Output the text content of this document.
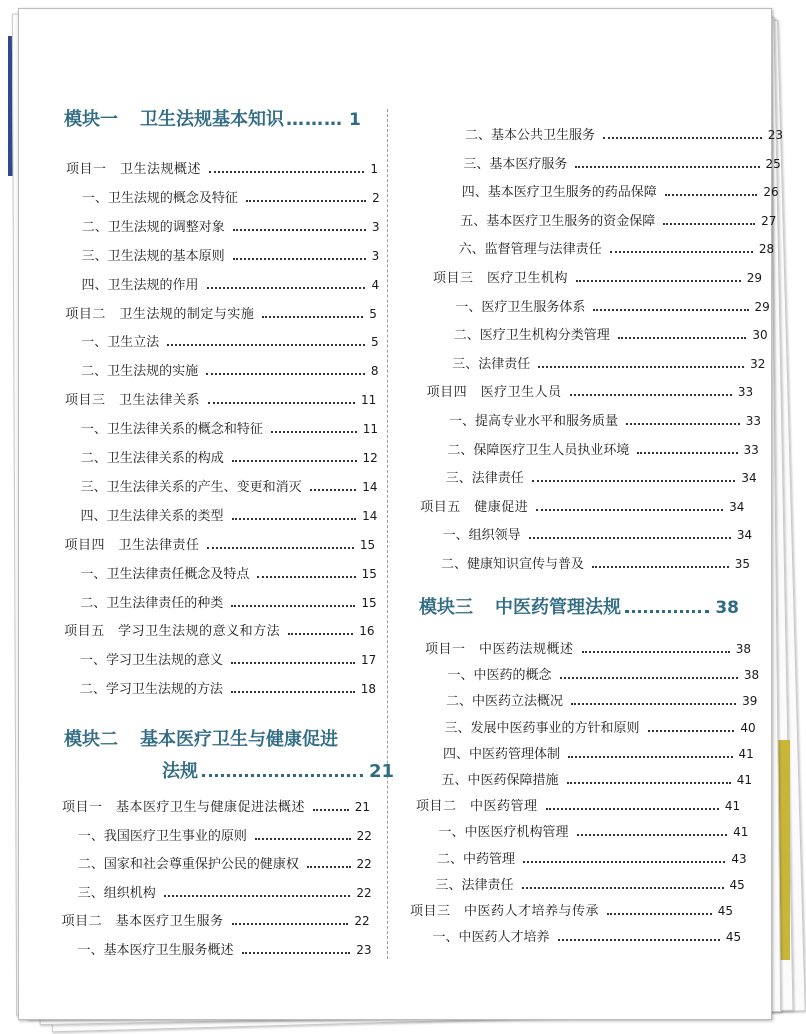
模块一 卫生法规基本知识 ……… 1
项目一　卫生法规概述	1
一、卫生法规的概念及特征	2
二、卫生法规的调整对象	3
三、卫生法规的基本原则	3
四、卫生法规的作用	4
项目二　卫生法规的制定与实施	5
一、卫生立法	5
二、卫生法规的实施	8
项目三　卫生法律关系	11
一、卫生法律关系的概念和特征	11
二、卫生法律关系的构成	12
三、卫生法律关系的产生、变更和消灭	14
四、卫生法律关系的类型	14
项目四　卫生法律责任	15
一、卫生法律责任概念及特点	15
二、卫生法律责任的种类	15
项目五　学习卫生法规的意义和方法	16
一、学习卫生法规的意义	17
二、学习卫生法规的方法	18
模块二 基本医疗卫生与健康促进
法规	21
项目一　基本医疗卫生与健康促进法概述	21
一、我国医疗卫生事业的原则	22
二、国家和社会尊重保护公民的健康权	22
三、组织机构	22
项目二　基本医疗卫生服务	22
一、基本医疗卫生服务概述	23
二、基本公共卫生服务	23
三、基本医疗服务	25
四、基本医疗卫生服务的药品保障	26
五、基本医疗卫生服务的资金保障	27
六、监督管理与法律责任	28
项目三　医疗卫生机构	29
一、医疗卫生服务体系	29
二、医疗卫生机构分类管理	30
三、法律责任	32
项目四　医疗卫生人员	33
一、提高专业水平和服务质量	33
二、保障医疗卫生人员执业环境	33
三、法律责任	34
项目五　健康促进	34
一、组织领导	34
二、健康知识宣传与普及	35
模块三 中医药管理法规	38
项目一　中医药法规概述	38
一、中医药的概念	38
二、中医药立法概况	39
三、发展中医药事业的方针和原则	40
四、中医药管理体制	41
五、中医药保障措施	41
项目二　中医药管理	41
一、中医医疗机构管理	41
二、中药管理	43
三、法律责任	45
项目三　中医药人才培养与传承	45
一、中医药人才培养	45
